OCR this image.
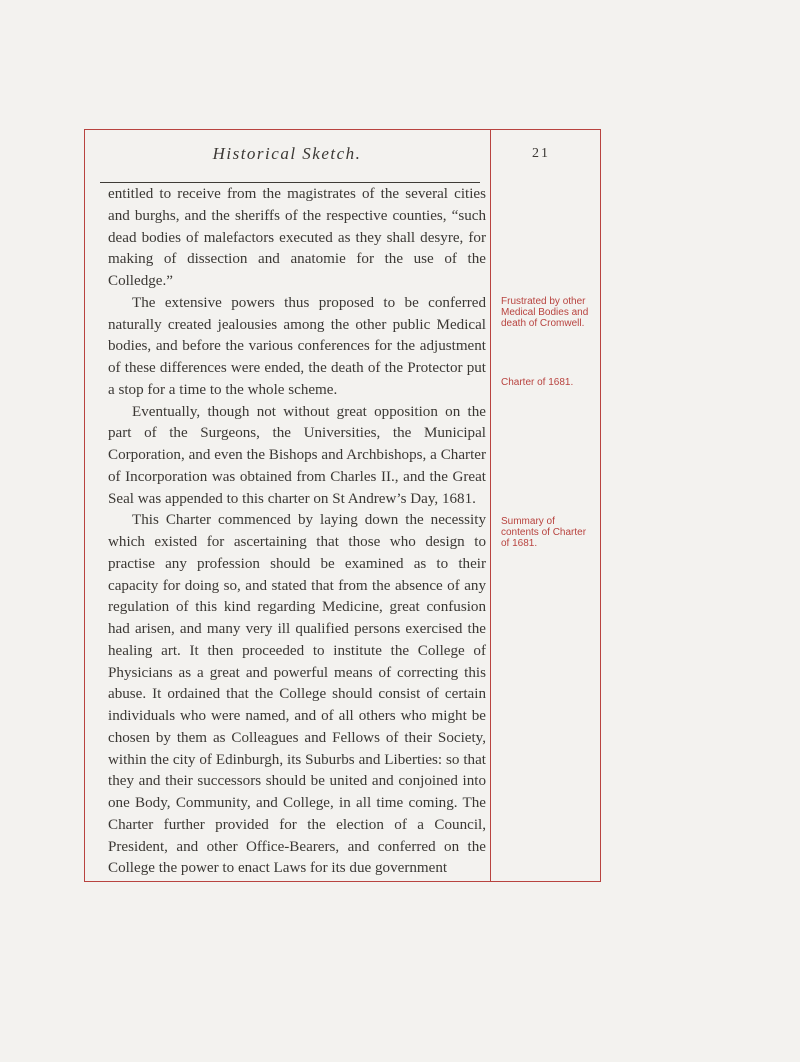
Historical Sketch.	21

entitled to receive from the magistrates of the several cities and burghs, and the sheriffs of the respective counties, “such dead bodies of malefactors executed as they shall desyre, for making of dissection and anatomie for the use of the Colledge.”

The extensive powers thus proposed to be conferred naturally created jealousies among the other public Medical bodies, and before the various conferences for the adjustment of these differences were ended, the death of the Protector put a stop for a time to the whole scheme.

Eventually, though not without great opposition on the part of the Surgeons, the Universities, the Municipal Corporation, and even the Bishops and Archbishops, a Charter of Incorporation was obtained from Charles II., and the Great Seal was appended to this charter on St Andrew’s Day, 1681.

This Charter commenced by laying down the necessity which existed for ascertaining that those who design to practise any profession should be examined as to their capacity for doing so, and stated that from the absence of any regulation of this kind regarding Medicine, great confusion had arisen, and many very ill qualified persons exercised the healing art. It then proceeded to institute the College of Physicians as a great and powerful means of correcting this abuse. It ordained that the College should consist of certain individuals who were named, and of all others who might be chosen by them as Colleagues and Fellows of their Society, within the city of Edinburgh, its Suburbs and Liberties: so that they and their successors should be united and conjoined into one Body, Community, and College, in all time coming. The Charter further provided for the election of a Council, President, and other Office-Bearers, and conferred on the College the power to enact Laws for its due government

Frustrated by other Medical Bodies and death of Cromwell.
Charter of 1681.
Summary of contents of Charter of 1681.
